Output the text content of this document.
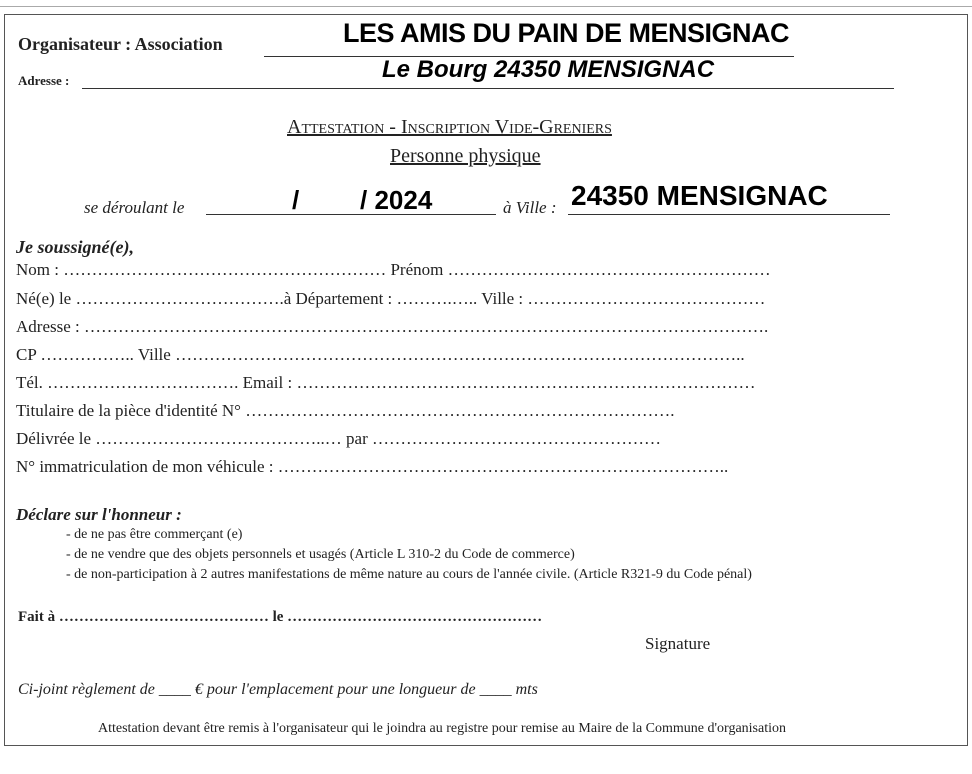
Organisateur : Association	LES AMIS DU PAIN DE MENSIGNAC
Adresse :	Le Bourg 24350 MENSIGNAC
Attestation - Inscription Vide-Greniers
Personne physique
se déroulant le	/ / 2024	à Ville : 24350 MENSIGNAC
Je soussigné(e),
Nom : ………………………………………………… Prénom …………………………………………………
Né(e) le ……………………………….à Département : ……….….. Ville : ……………………………………
Adresse : ………………………………………………………………………………………………………….
CP …………….. Ville ………………………………………………………………………………………..
Tél. ……………………………. Email : ………………………………………………………………………
Titulaire de la pièce d'identité N° ………………………………………………………………….
Délivrée le …………………………………..… par ……………………………………………
N° immatriculation de mon véhicule : ……………………………………………………………………..
Déclare sur l'honneur :
- de ne pas être commerçant (e)
- de ne vendre que des objets personnels et usagés (Article L 310-2 du Code de commerce)
- de non-participation à 2 autres manifestations de même nature au cours de l'année civile. (Article R321-9 du Code pénal)
Fait à …………………………………… le ……………………………………………
Signature
Ci-joint règlement de ____ € pour l'emplacement pour une longueur de ____ mts
Attestation devant être remis à l'organisateur qui le joindra au registre pour remise au Maire de la Commune d'organisation
